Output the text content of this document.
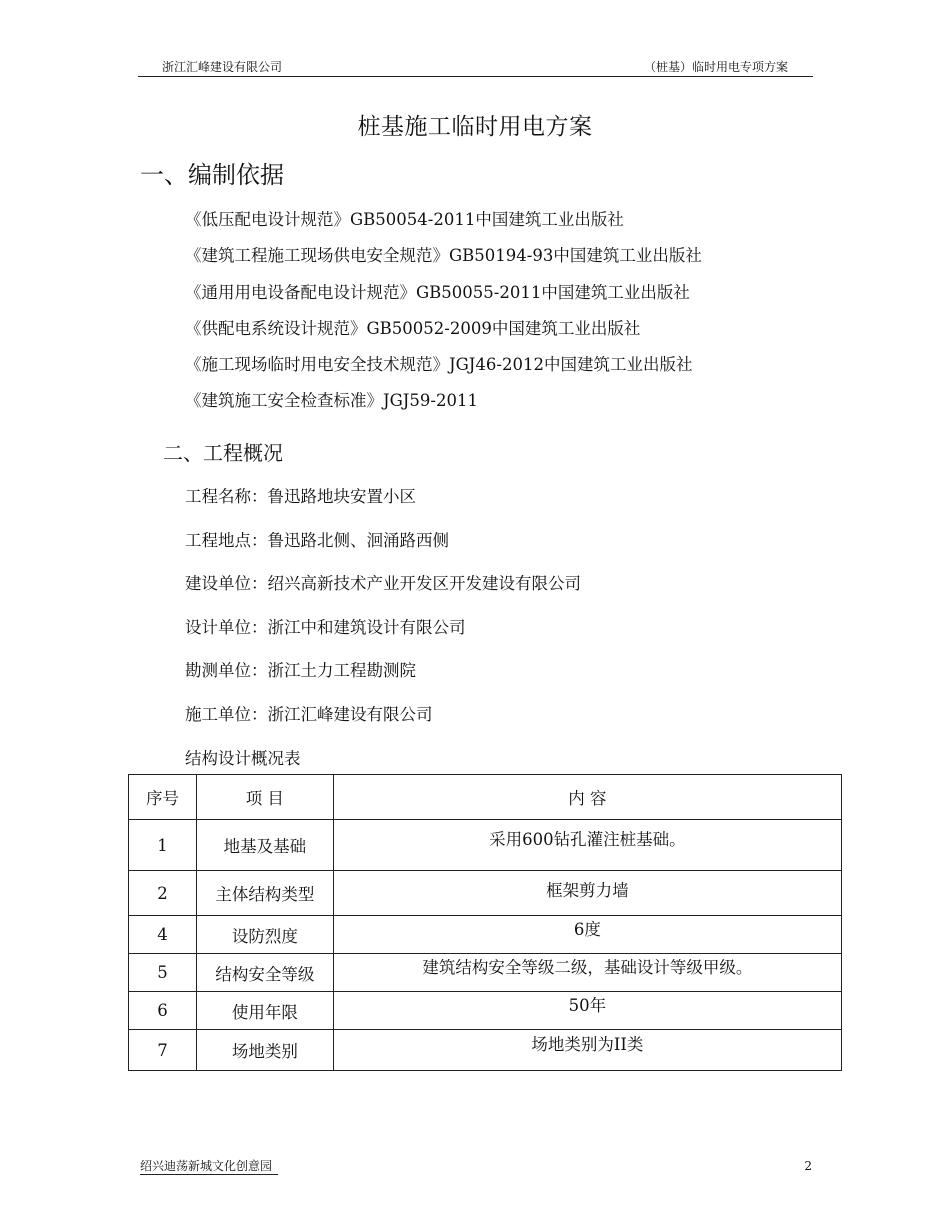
浙江汇峰建设有限公司	（桩基）临时用电专项方案
桩基施工临时用电方案
一、编制依据
《低压配电设计规范》GB50054-2011中国建筑工业出版社
《建筑工程施工现场供电安全规范》GB50194-93中国建筑工业出版社
《通用用电设备配电设计规范》GB50055-2011中国建筑工业出版社
《供配电系统设计规范》GB50052-2009中国建筑工业出版社
《施工现场临时用电安全技术规范》JGJ46-2012中国建筑工业出版社
《建筑施工安全检查标准》JGJ59-2011
二、工程概况
工程名称：鲁迅路地块安置小区
工程地点：鲁迅路北侧、洄涌路西侧
建设单位：绍兴高新技术产业开发区开发建设有限公司
设计单位：浙江中和建筑设计有限公司
勘测单位：浙江土力工程勘测院
施工单位：浙江汇峰建设有限公司
结构设计概况表
序号	项 目	内 容
1	地基及基础	采用600钻孔灌注桩基础。
2	主体结构类型	框架剪力墙
4	设防烈度	6度
5	结构安全等级	建筑结构安全等级二级，基础设计等级甲级。
6	使用年限	50年
7	场地类别	场地类别为II类
绍兴迪荡新城文化创意园	2
